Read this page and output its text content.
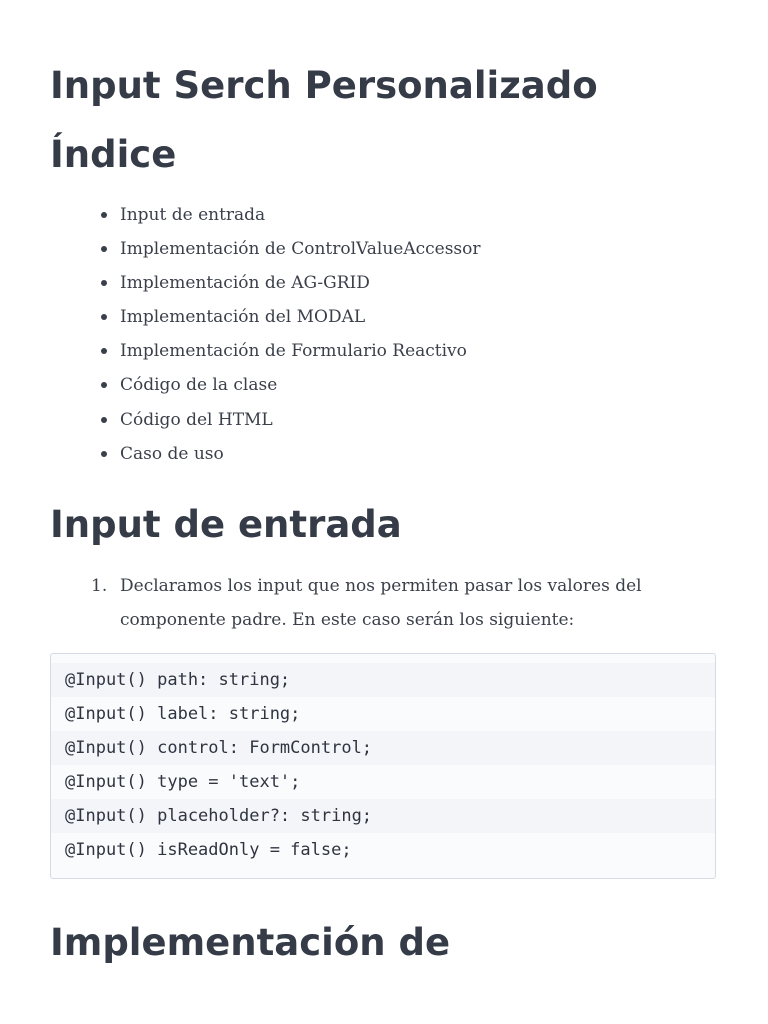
Input Serch Personalizado
Índice
Input de entrada
Implementación de ControlValueAccessor
Implementación de AG-GRID
Implementación del MODAL
Implementación de Formulario Reactivo
Código de la clase
Código del HTML
Caso de uso
Input de entrada
1. Declaramos los input que nos permiten pasar los valores del componente padre. En este caso serán los siguiente:
@Input() path: string;
@Input() label: string;
@Input() control: FormControl;
@Input() type = 'text';
@Input() placeholder?: string;
@Input() isReadOnly = false;
Implementación de
